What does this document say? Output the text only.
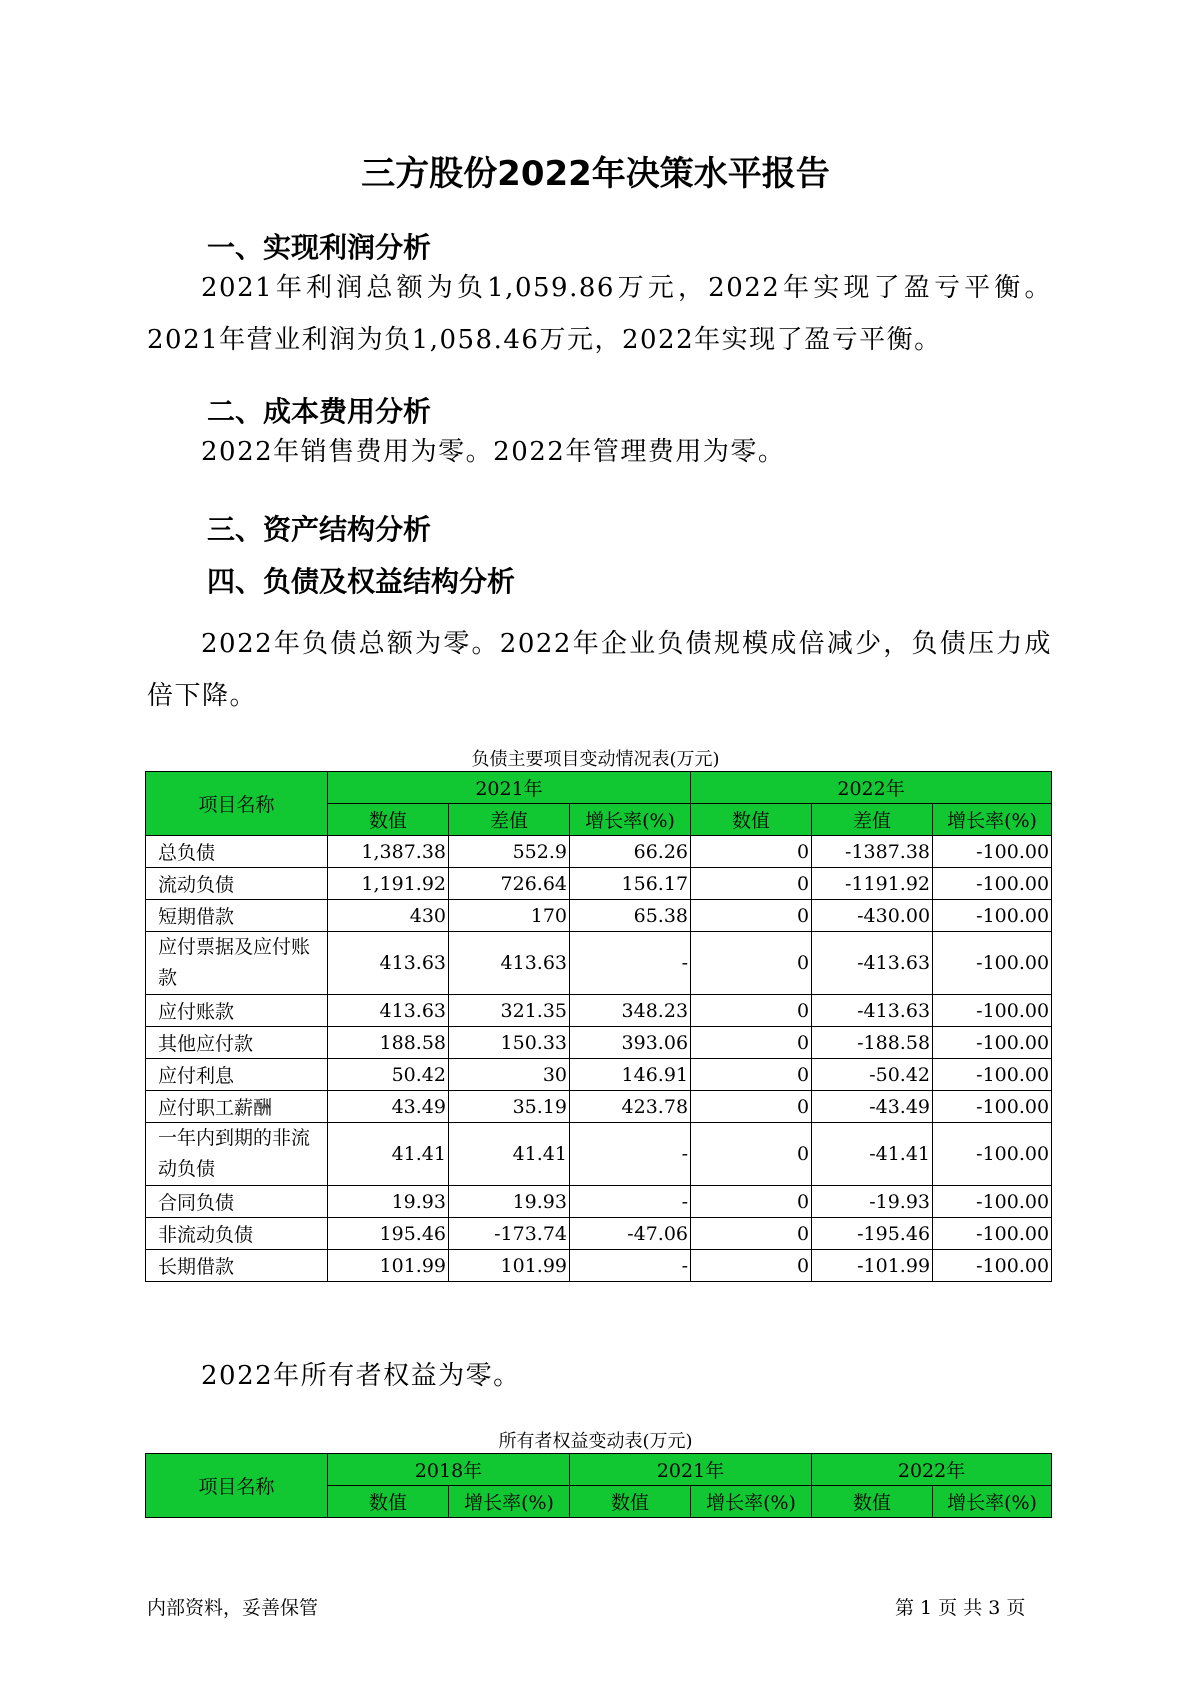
三方股份2022年决策水平报告
一、实现利润分析
2021年利润总额为负1,059.86万元，2022年实现了盈亏平衡。2021年营业利润为负1,058.46万元，2022年实现了盈亏平衡。
二、成本费用分析
2022年销售费用为零。2022年管理费用为零。
三、资产结构分析
四、负债及权益结构分析
2022年负债总额为零。2022年企业负债规模成倍减少，负债压力成倍下降。
负债主要项目变动情况表(万元)
项目名称	2021年			2022年		
	数值	差值	增长率(%)	数值	差值	增长率(%)
总负债	1,387.38	552.9	66.26	0	-1387.38	-100.00
流动负债	1,191.92	726.64	156.17	0	-1191.92	-100.00
短期借款	430	170	65.38	0	-430.00	-100.00
应付票据及应付账款	413.63	413.63	-	0	-413.63	-100.00
应付账款	413.63	321.35	348.23	0	-413.63	-100.00
其他应付款	188.58	150.33	393.06	0	-188.58	-100.00
应付利息	50.42	30	146.91	0	-50.42	-100.00
应付职工薪酬	43.49	35.19	423.78	0	-43.49	-100.00
一年内到期的非流动负债	41.41	41.41	-	0	-41.41	-100.00
合同负债	19.93	19.93	-	0	-19.93	-100.00
非流动负债	195.46	-173.74	-47.06	0	-195.46	-100.00
长期借款	101.99	101.99	-	0	-101.99	-100.00
2022年所有者权益为零。
所有者权益变动表(万元)
项目名称	2018年		2021年		2022年	
	数值	增长率(%)	数值	增长率(%)	数值	增长率(%)
内部资料，妥善保管	第 1 页 共 3 页
